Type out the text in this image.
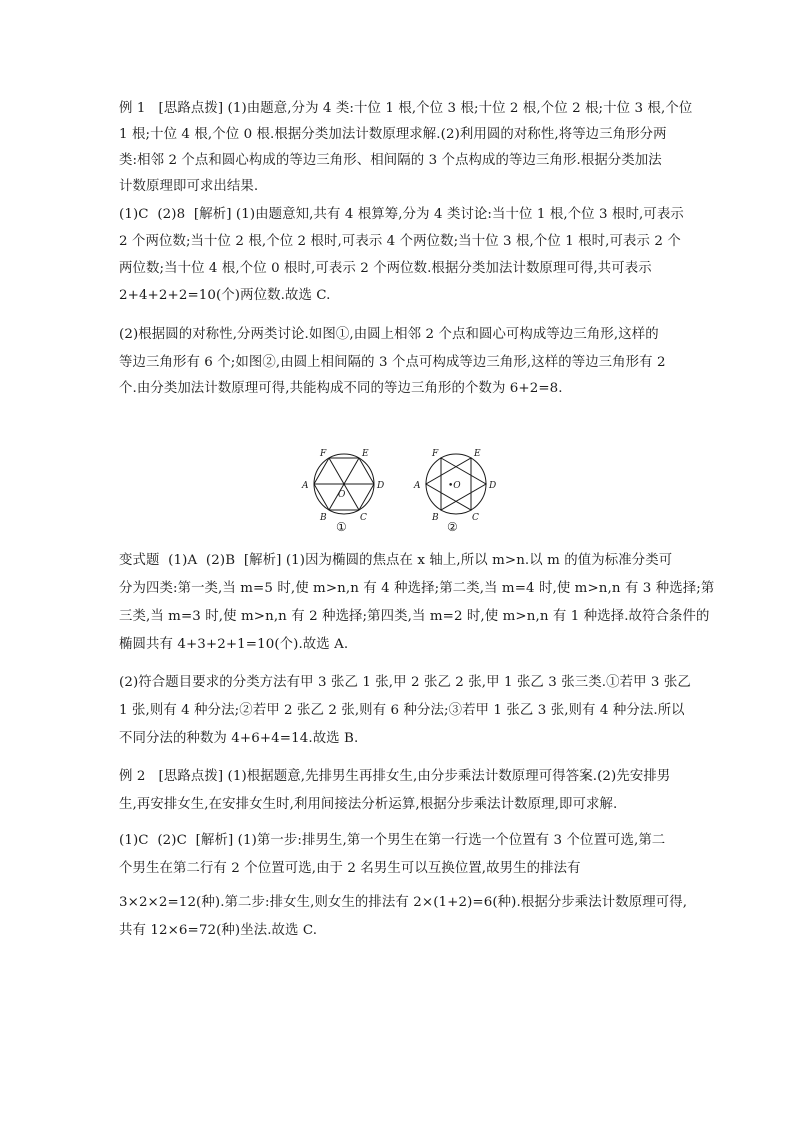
例 1   [思路点拨] (1)由题意,分为 4 类:十位 1 根,个位 3 根;十位 2 根,个位 2 根;十位 3 根,个位
1 根;十位 4 根,个位 0 根.根据分类加法计数原理求解.(2)利用圆的对称性,将等边三角形分两
类:相邻 2 个点和圆心构成的等边三角形、相间隔的 3 个点构成的等边三角形.根据分类加法
计数原理即可求出结果.
(1)C  (2)8  [解析] (1)由题意知,共有 4 根算筹,分为 4 类讨论:当十位 1 根,个位 3 根时,可表示
2 个两位数;当十位 2 根,个位 2 根时,可表示 4 个两位数;当十位 3 根,个位 1 根时,可表示 2 个
两位数;当十位 4 根,个位 0 根时,可表示 2 个两位数.根据分类加法计数原理可得,共可表示
2+4+2+2=10(个)两位数.故选 C.
(2)根据圆的对称性,分两类讨论.如图①,由圆上相邻 2 个点和圆心可构成等边三角形,这样的
等边三角形有 6 个;如图②,由圆上相间隔的 3 个点可构成等边三角形,这样的等边三角形有 2
个.由分类加法计数原理可得,共能构成不同的等边三角形的个数为 6+2=8.
F	E
A	D
B	C
O
F	E
A	D
B	C
•O
①	②
变式题  (1)A  (2)B  [解析] (1)因为椭圆的焦点在 x 轴上,所以 m>n.以 m 的值为标准分类可
分为四类:第一类,当 m=5 时,使 m>n,n 有 4 种选择;第二类,当 m=4 时,使 m>n,n 有 3 种选择;第
三类,当 m=3 时,使 m>n,n 有 2 种选择;第四类,当 m=2 时,使 m>n,n 有 1 种选择.故符合条件的
椭圆共有 4+3+2+1=10(个).故选 A.
(2)符合题目要求的分类方法有甲 3 张乙 1 张,甲 2 张乙 2 张,甲 1 张乙 3 张三类.①若甲 3 张乙
1 张,则有 4 种分法;②若甲 2 张乙 2 张,则有 6 种分法;③若甲 1 张乙 3 张,则有 4 种分法.所以
不同分法的种数为 4+6+4=14.故选 B.
例 2   [思路点拨] (1)根据题意,先排男生再排女生,由分步乘法计数原理可得答案.(2)先安排男
生,再安排女生,在安排女生时,利用间接法分析运算,根据分步乘法计数原理,即可求解.
(1)C  (2)C  [解析] (1)第一步:排男生,第一个男生在第一行选一个位置有 3 个位置可选,第二
个男生在第二行有 2 个位置可选,由于 2 名男生可以互换位置,故男生的排法有
3×2×2=12(种).第二步:排女生,则女生的排法有 2×(1+2)=6(种).根据分步乘法计数原理可得,
共有 12×6=72(种)坐法.故选 C.
